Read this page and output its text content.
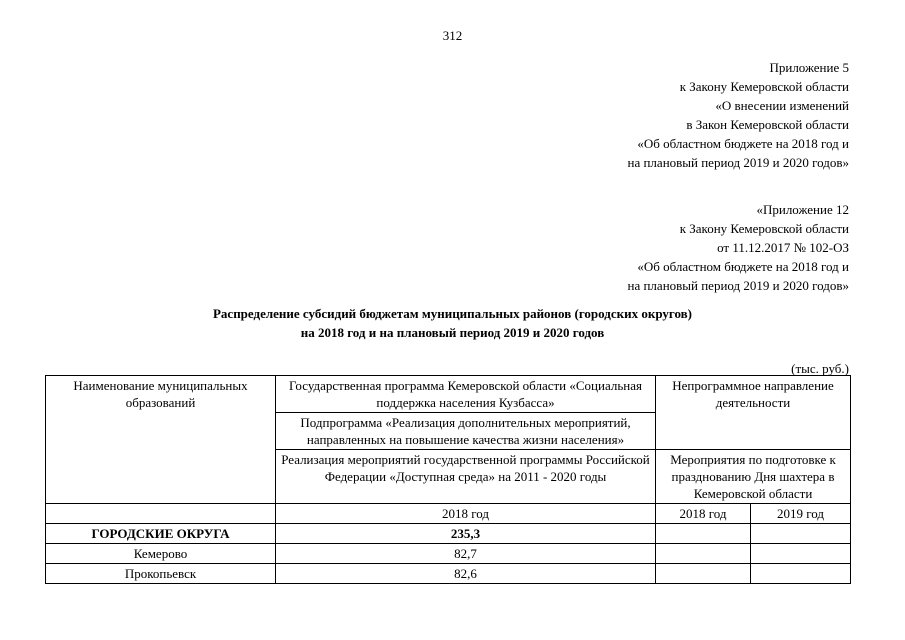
312
Приложение 5
к Закону Кемеровской области
«О внесении изменений
в Закон Кемеровской области
«Об областном бюджете на 2018 год и
на плановый период 2019 и 2020 годов»
«Приложение 12
к Закону Кемеровской области
от 11.12.2017 № 102-ОЗ
«Об областном бюджете на 2018 год и
на плановый период 2019 и 2020 годов»
Распределение субсидий бюджетам муниципальных районов (городских округов)
на 2018 год и на плановый период 2019 и 2020 годов
(тыс. руб.)
Наименование муниципальных образований	Государственная программа Кемеровской области «Социальная поддержка населения Кузбасса»	Непрограммное направление деятельности	
	Подпрограмма «Реализация дополнительных мероприятий, направленных на повышение качества жизни населения»		
	Реализация мероприятий государственной программы Российской Федерации «Доступная среда» на 2011 - 2020 годы	Мероприятия по подготовке к празднованию Дня шахтера в Кемеровской области	
	2018 год	2018 год	2019 год
ГОРОДСКИЕ ОКРУГА	235,3		
Кемерово	82,7		
Прокопьевск	82,6		
